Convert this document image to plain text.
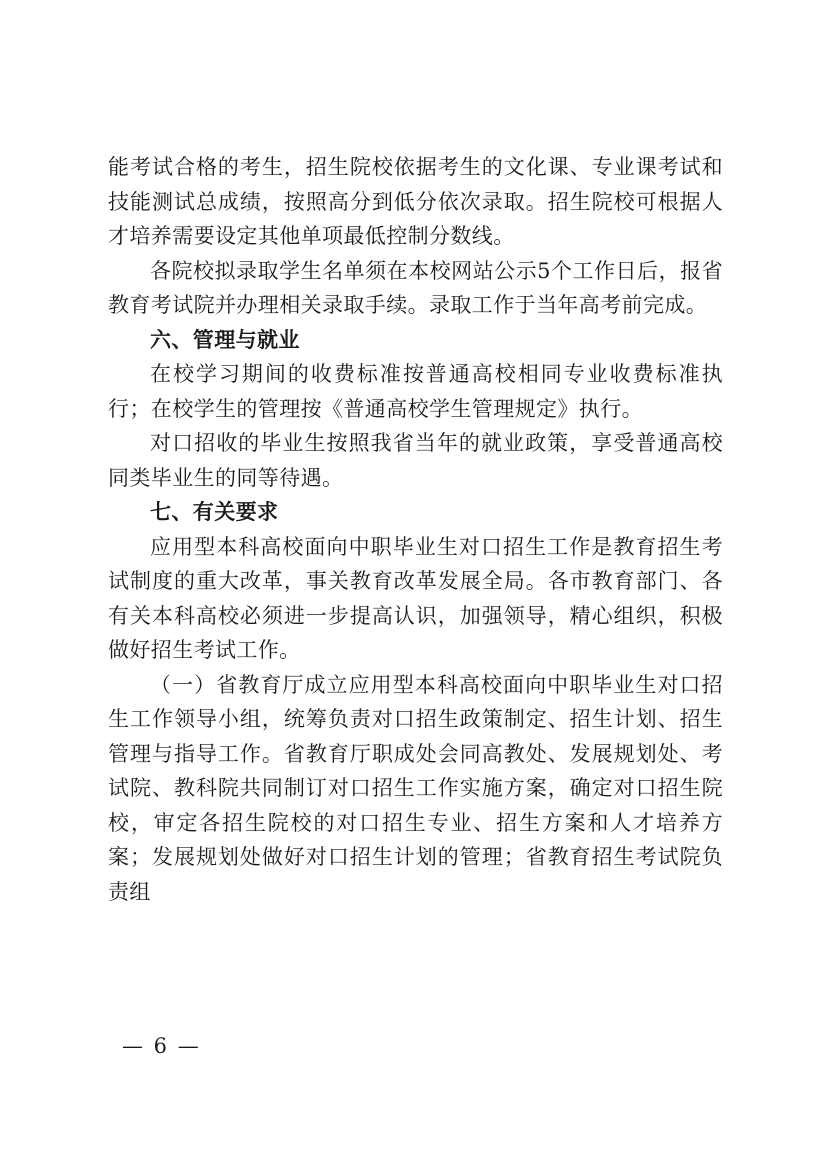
能考试合格的考生，招生院校依据考生的文化课、专业课考试和技能测试总成绩，按照高分到低分依次录取。招生院校可根据人才培养需要设定其他单项最低控制分数线。

各院校拟录取学生名单须在本校网站公示5个工作日后，报省教育考试院并办理相关录取手续。录取工作于当年高考前完成。

六、管理与就业

在校学习期间的收费标准按普通高校相同专业收费标准执行；在校学生的管理按《普通高校学生管理规定》执行。

对口招收的毕业生按照我省当年的就业政策，享受普通高校同类毕业生的同等待遇。

七、有关要求

应用型本科高校面向中职毕业生对口招生工作是教育招生考试制度的重大改革，事关教育改革发展全局。各市教育部门、各有关本科高校必须进一步提高认识，加强领导，精心组织，积极做好招生考试工作。

（一）省教育厅成立应用型本科高校面向中职毕业生对口招生工作领导小组，统筹负责对口招生政策制定、招生计划、招生管理与指导工作。省教育厅职成处会同高教处、发展规划处、考试院、教科院共同制订对口招生工作实施方案，确定对口招生院校，审定各招生院校的对口招生专业、招生方案和人才培养方案；发展规划处做好对口招生计划的管理；省教育招生考试院负责组

— 6 —
